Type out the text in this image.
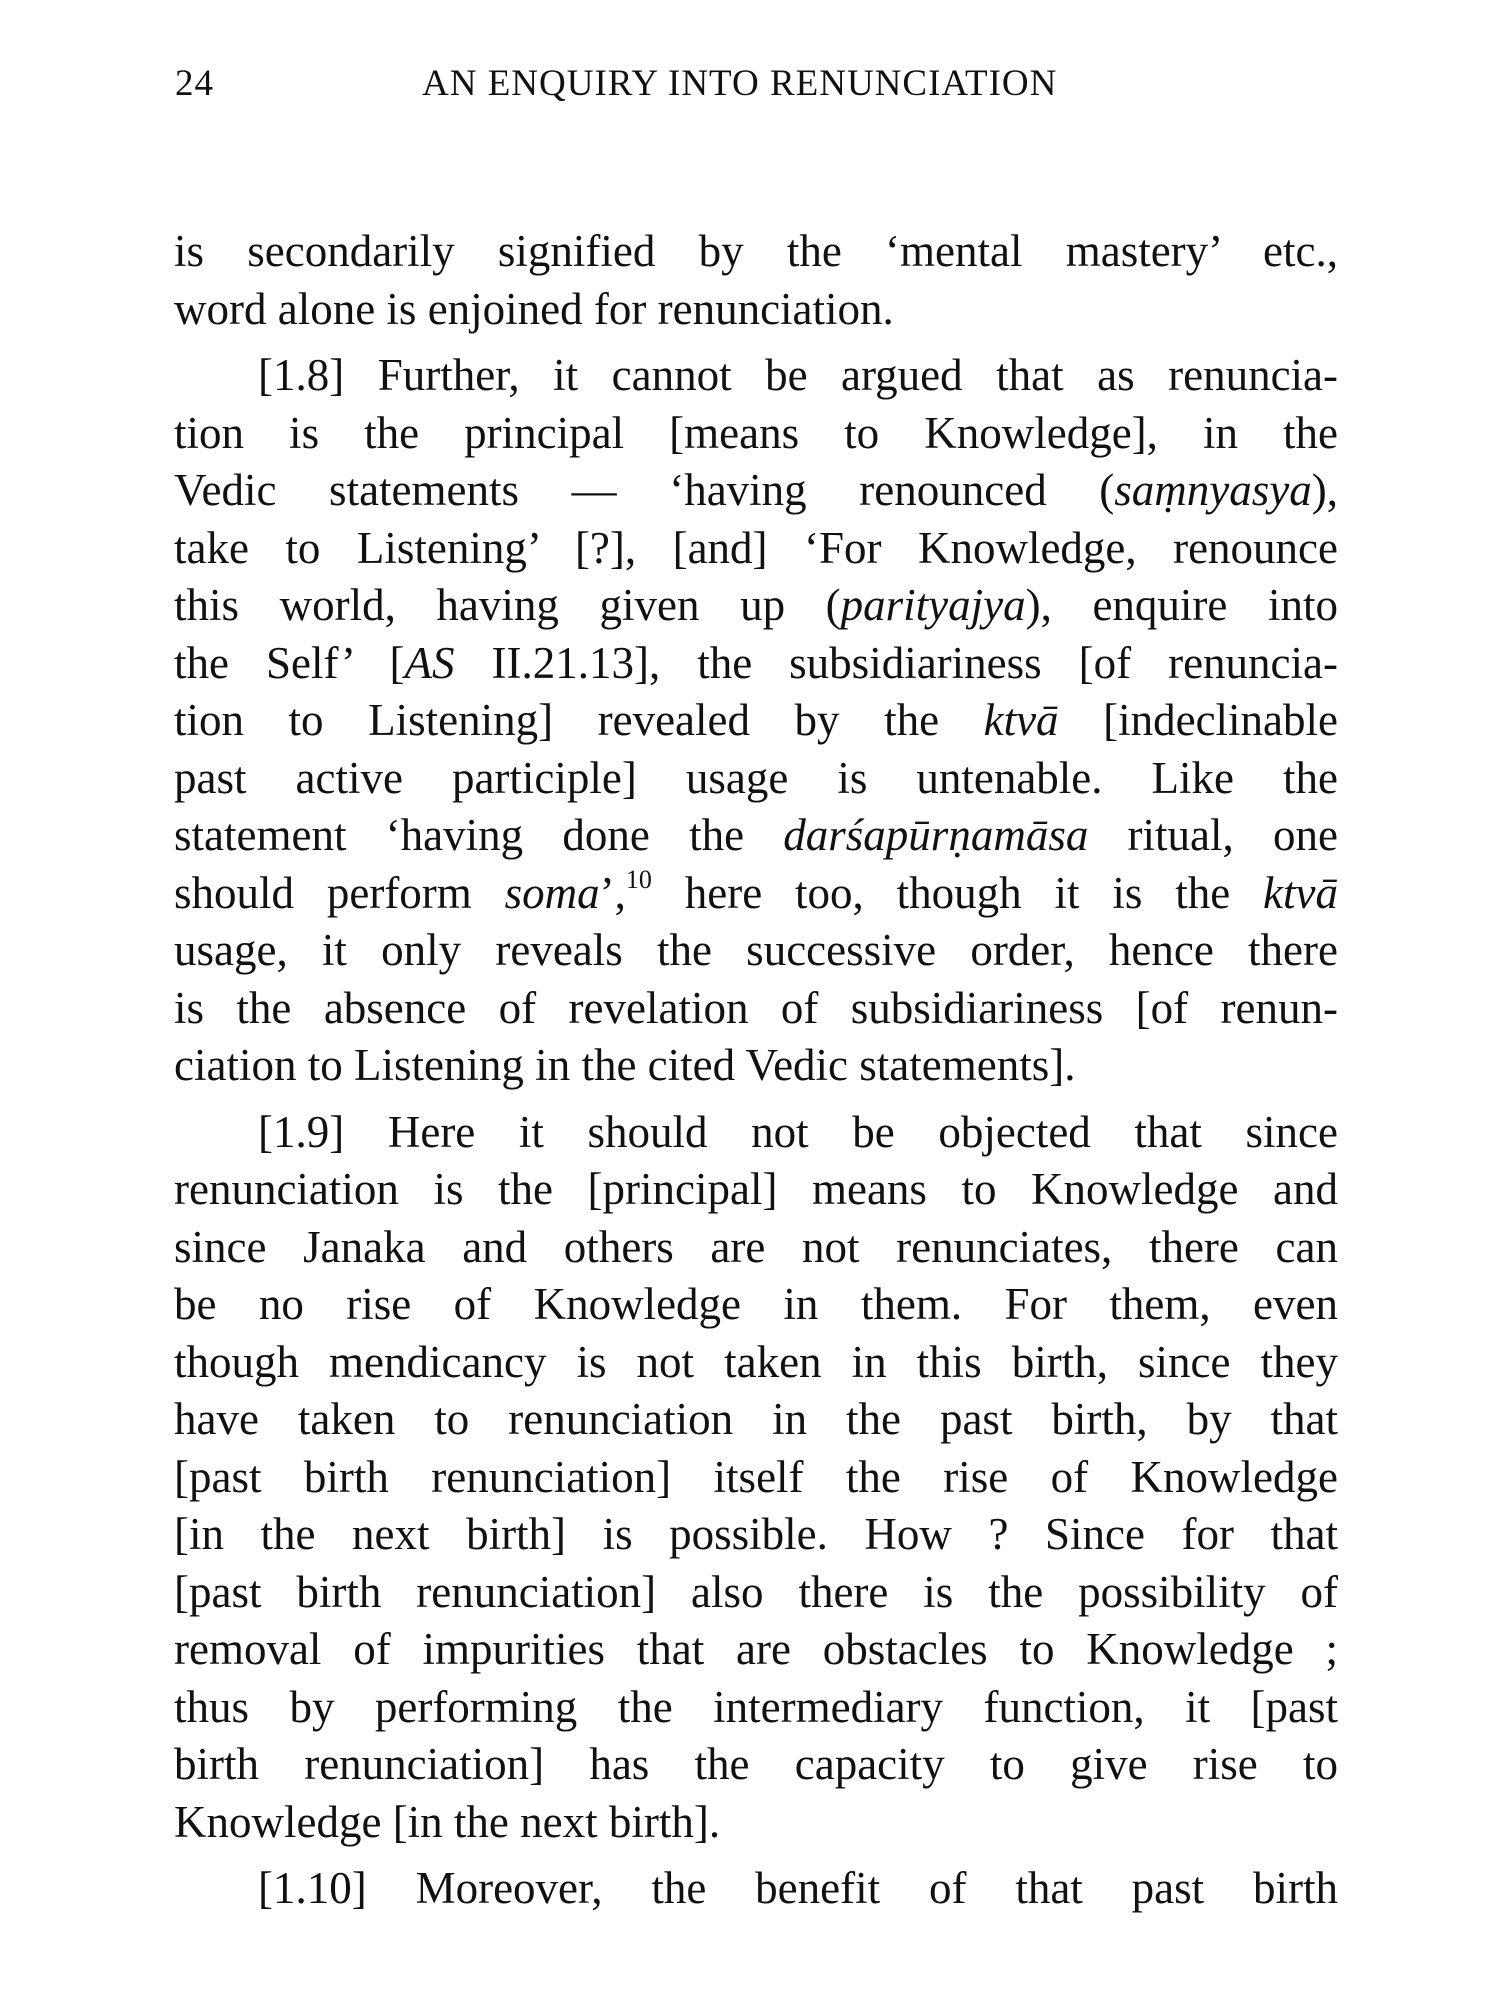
24	AN ENQUIRY INTO RENUNCIATION
is secondarily signified by the ‘mental mastery’ etc.,
word alone is enjoined for renunciation.
[1.8] Further, it cannot be argued that as renuncia-
tion is the principal [means to Knowledge], in the
Vedic statements — ‘having renounced (saṃnyasya),
take to Listening’ [?], [and] ‘For Knowledge, renounce
this world, having given up (parityajya), enquire into
the Self’ [AS II.21.13], the subsidiariness [of renuncia-
tion to Listening] revealed by the ktvā [indeclinable
past active participle] usage is untenable. Like the
statement ‘having done the darśapūrṇamāsa ritual, one
should perform soma’,$^{10}$ here too, though it is the ktvā
usage, it only reveals the successive order, hence there
is the absence of revelation of subsidiariness [of renun-
ciation to Listening in the cited Vedic statements].
[1.9] Here it should not be objected that since
renunciation is the [principal] means to Knowledge and
since Janaka and others are not renunciates, there can
be no rise of Knowledge in them. For them, even
though mendicancy is not taken in this birth, since they
have taken to renunciation in the past birth, by that
[past birth renunciation] itself the rise of Knowledge
[in the next birth] is possible. How ? Since for that
[past birth renunciation] also there is the possibility of
removal of impurities that are obstacles to Knowledge ;
thus by performing the intermediary function, it [past
birth renunciation] has the capacity to give rise to
Knowledge [in the next birth].
[1.10] Moreover, the benefit of that past birth
